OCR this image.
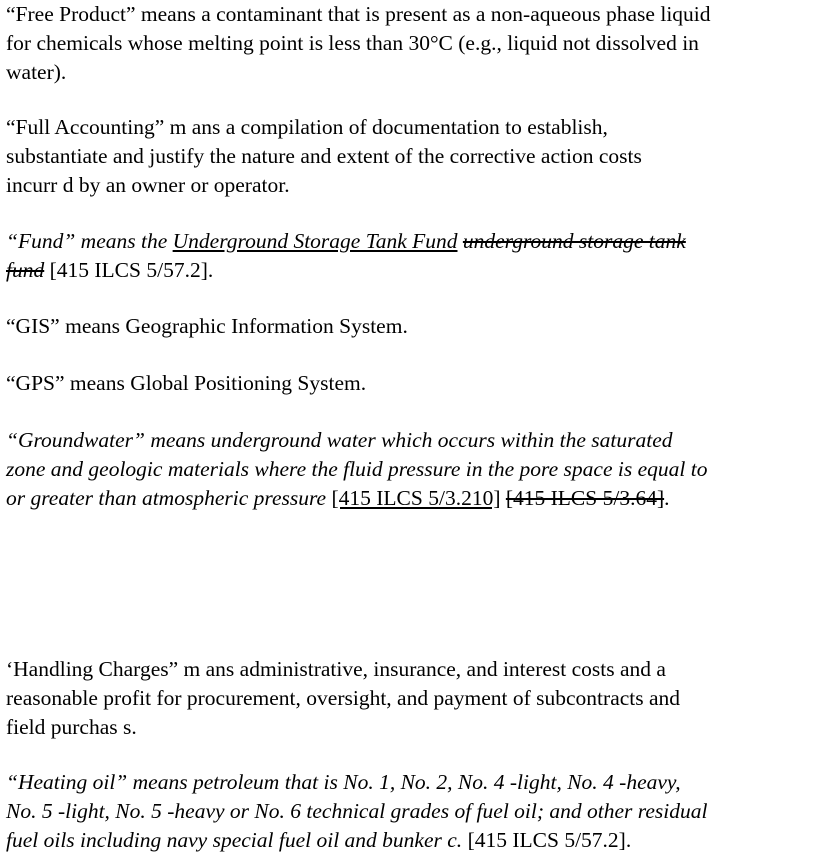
“Free Product” means a contaminant that is present as a non-aqueous phase liquid
for chemicals whose melting point is less than 30°C (e.g., liquid not dissolved in
water).
“Full Accounting” m ans a compilation of documentation to establish,
substantiate and justify the nature and extent of the corrective action costs
incurr d by an owner or operator.
“Fund” means the Underground Storage Tank Fund underground storage tank
fund [415 ILCS 5/57.2].
“GIS” means Geographic Information System.
“GPS” means Global Positioning System.
“Groundwater” means underground water which occurs within the saturated
zone and geologic materials where the fluid pressure in the pore space is equal to
or greater than atmospheric pressure [415 ILCS 5/3.210] [415 ILCS 5/3.64].
‘Handling Charges” m ans administrative, insurance, and interest costs and a
reasonable profit for procurement, oversight, and payment of subcontracts and
field purchas s.
“Heating oil” means petroleum that is No. 1, No. 2, No. 4 -light, No. 4 -heavy,
No. 5 -light, No. 5 -heavy or No. 6 technical grades of fuel oil; and other residual
fuel oils including navy special fuel oil and bunker c. [415 ILCS 5/57.2].
